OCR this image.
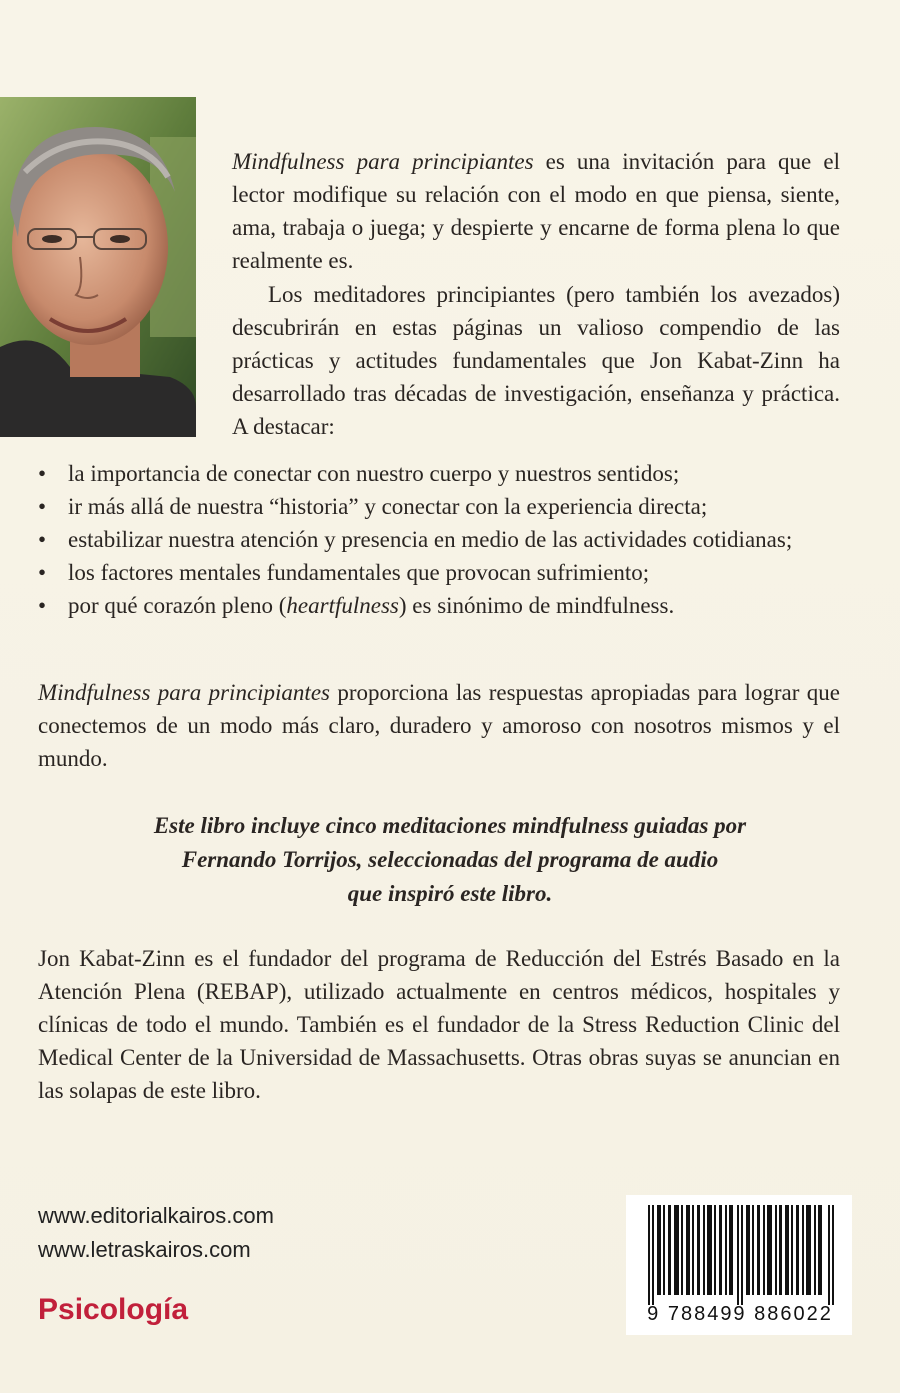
Mindfulness para principiantes es una invitación para que el lector modifique su relación con el modo en que piensa, siente, ama, trabaja o juega; y despierte y encarne de forma plena lo que realmente es.
Los meditadores principiantes (pero también los avezados) descubrirán en estas páginas un valioso compendio de las prácticas y actitudes fundamentales que Jon Kabat-Zinn ha desarrollado tras décadas de investigación, enseñanza y práctica. A destacar:
• la importancia de conectar con nuestro cuerpo y nuestros sentidos;
• ir más allá de nuestra “historia” y conectar con la experiencia directa;
• estabilizar nuestra atención y presencia en medio de las actividades cotidianas;
• los factores mentales fundamentales que provocan sufrimiento;
• por qué corazón pleno (heartfulness) es sinónimo de mindfulness.
Mindfulness para principiantes proporciona las respuestas apropiadas para lograr que conectemos de un modo más claro, duradero y amoroso con nosotros mismos y el mundo.
Este libro incluye cinco meditaciones mindfulness guiadas por
Fernando Torrijos, seleccionadas del programa de audio
que inspiró este libro.
Jon Kabat-Zinn es el fundador del programa de Reducción del Estrés Basado en la Atención Plena (REBAP), utilizado actualmente en centros médicos, hospitales y clínicas de todo el mundo. También es el fundador de la Stress Reduction Clinic del Medical Center de la Universidad de Massachusetts. Otras obras suyas se anuncian en las solapas de este libro.
www.editorialkairos.com
www.letraskairos.com
Psicología	9 788499 886022
